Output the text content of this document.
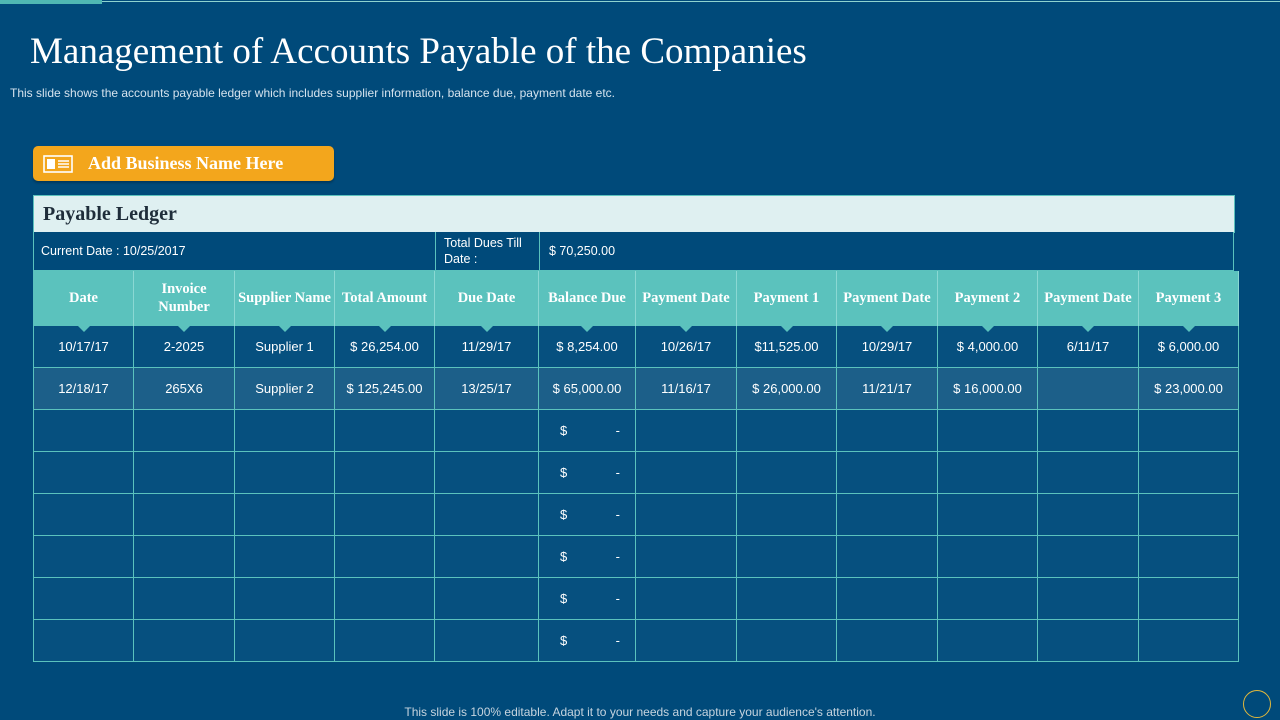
Management of Accounts Payable of the Companies
This slide shows the accounts payable ledger which includes supplier information, balance due, payment date etc.
Add Business Name Here
Payable Ledger
Current Date : 10/25/2017
Total Dues Till Date :
$ 70,250.00
Date	Invoice Number	Supplier Name	Total Amount	Due Date	Balance Due	Payment Date	Payment 1	Payment Date	Payment 2	Payment Date	Payment 3
10/17/17	2-2025	Supplier 1	$ 26,254.00	11/29/17	$ 8,254.00	10/26/17	$11,525.00	10/29/17	$ 4,000.00	6/11/17	$ 6,000.00
12/18/17	265X6	Supplier 2	$ 125,245.00	13/25/17	$ 65,000.00	11/16/17	$ 26,000.00	11/21/17	$ 16,000.00		$ 23,000.00

					$ -						

					$ -						

					$ -						

					$ -						

					$ -						

					$ -						

This slide is 100% editable. Adapt it to your needs and capture your audience's attention.
